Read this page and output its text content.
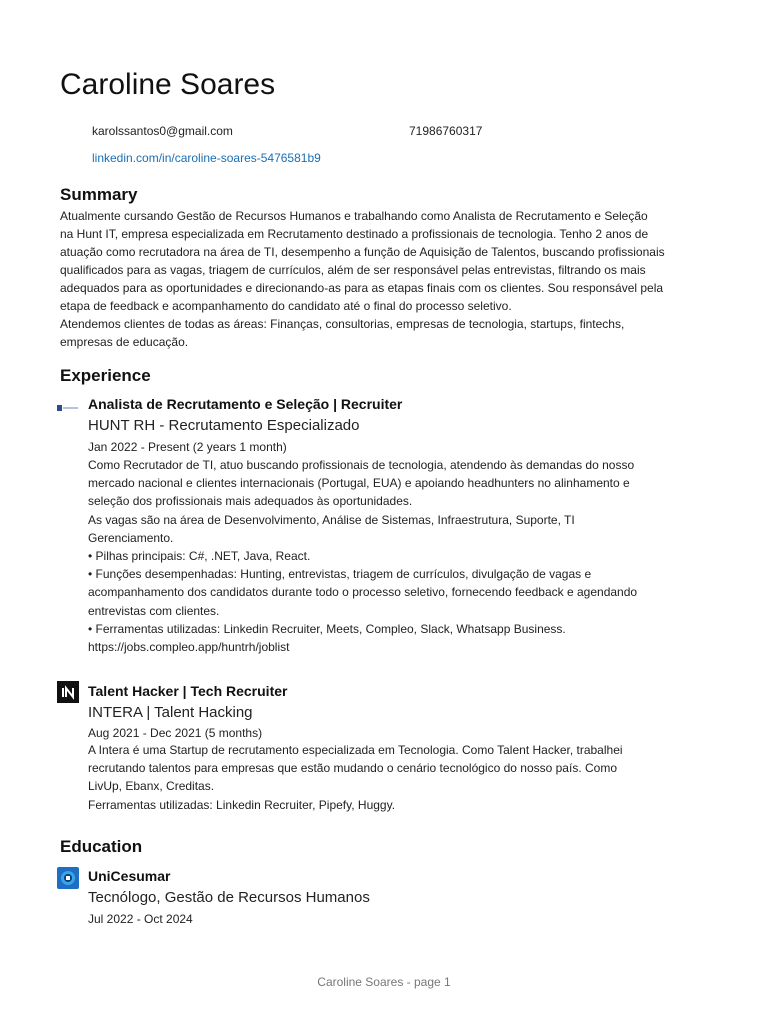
Caroline Soares
karolssantos0@gmail.com	71986760317
linkedin.com/in/caroline-soares-5476581b9
Summary

Atualmente cursando Gestão de Recursos Humanos e trabalhando como Analista de Recrutamento e Seleção

na Hunt IT, empresa especializada em Recrutamento destinado a profissionais de tecnologia. Tenho 2 anos de

atuação como recrutadora na área de TI, desempenho a função de Aquisição de Talentos, buscando profissionais

qualificados para as vagas, triagem de currículos, além de ser responsável pelas entrevistas, filtrando os mais

adequados para as oportunidades e direcionando-as para as etapas finais com os clientes. Sou responsável pela

etapa de feedback e acompanhamento do candidato até o final do processo seletivo.

Atendemos clientes de todas as áreas: Finanças, consultorias, empresas de tecnologia, startups, fintechs,

empresas de educação.

Experience
Analista de Recrutamento e Seleção | Recruiter
HUNT RH - Recrutamento Especializado
Jan 2022 - Present (2 years 1 month)
Como Recrutador de TI, atuo buscando profissionais de tecnologia, atendendo às demandas do nosso
mercado nacional e clientes internacionais (Portugal, EUA) e apoiando headhunters no alinhamento e
seleção dos profissionais mais adequados às oportunidades.
As vagas são na área de Desenvolvimento, Análise de Sistemas, Infraestrutura, Suporte, TI
Gerenciamento.
• Pilhas principais: C#, .NET, Java, React.
• Funções desempenhadas: Hunting, entrevistas, triagem de currículos, divulgação de vagas e
acompanhamento dos candidatos durante todo o processo seletivo, fornecendo feedback e agendando
entrevistas com clientes.
• Ferramentas utilizadas: Linkedin Recruiter, Meets, Compleo, Slack, Whatsapp Business.
https://jobs.compleo.app/huntrh/joblist
Talent Hacker | Tech Recruiter
INTERA | Talent Hacking
Aug 2021 - Dec 2021 (5 months)
A Intera é uma Startup de recrutamento especializada em Tecnologia. Como Talent Hacker, trabalhei
recrutando talentos para empresas que estão mudando o cenário tecnológico do nosso país. Como
LivUp, Ebanx, Creditas.
Ferramentas utilizadas: Linkedin Recruiter, Pipefy, Huggy.
Education
UniCesumar
Tecnólogo, Gestão de Recursos Humanos
Jul 2022 - Oct 2024
Caroline Soares - page 1
